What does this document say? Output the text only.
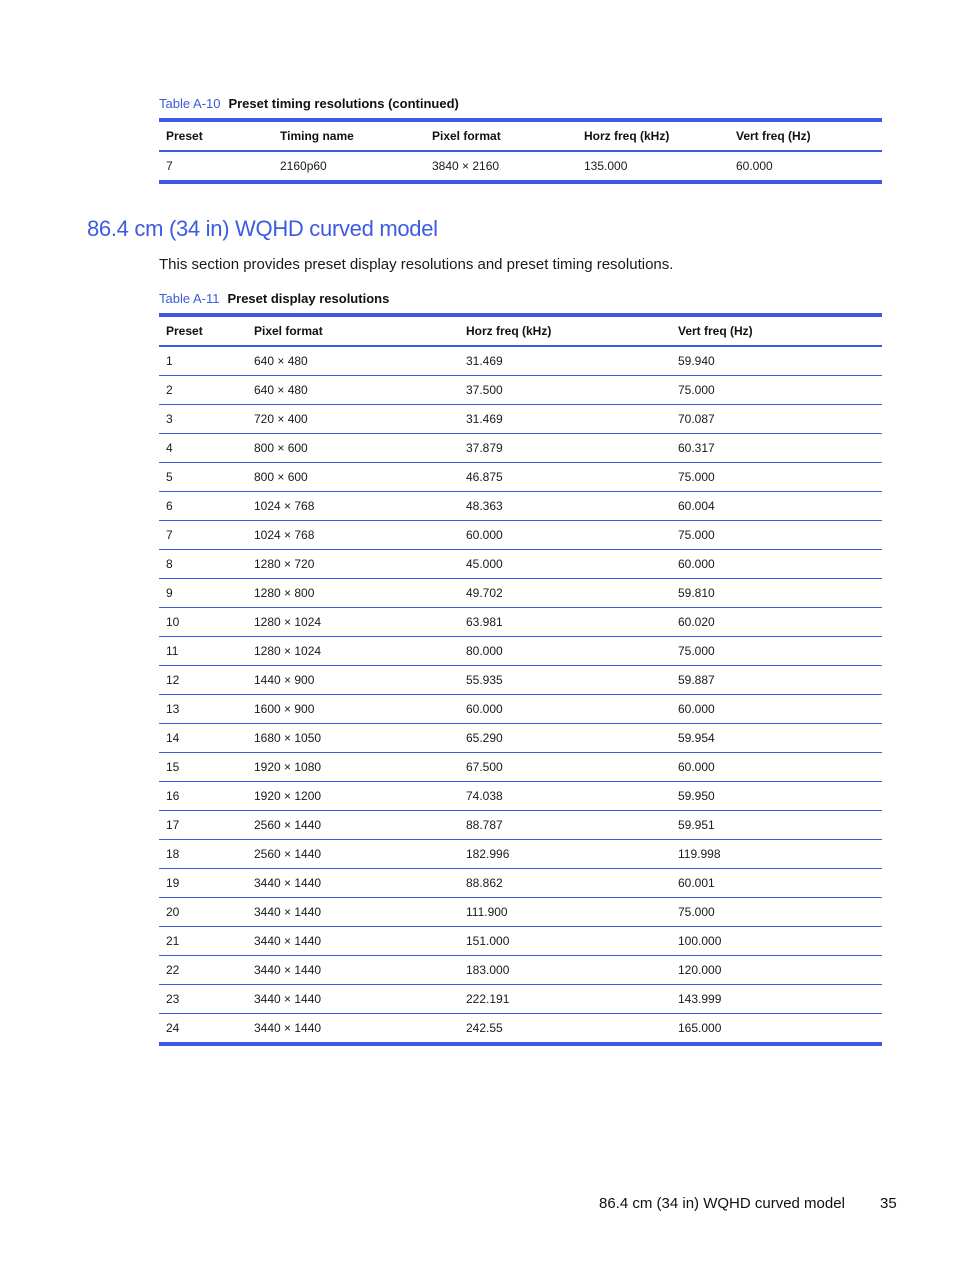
Table A-10 Preset timing resolutions (continued)
Preset	Timing name	Pixel format	Horz freq (kHz)	Vert freq (Hz)
7	2160p60	3840 × 2160	135.000	60.000
86.4 cm (34 in) WQHD curved model

This section provides preset display resolutions and preset timing resolutions.

Table A-11 Preset display resolutions
Preset	Pixel format	Horz freq (kHz)	Vert freq (Hz)
1	640 × 480	31.469	59.940
2	640 × 480	37.500	75.000
3	720 × 400	31.469	70.087
4	800 × 600	37.879	60.317
5	800 × 600	46.875	75.000
6	1024 × 768	48.363	60.004
7	1024 × 768	60.000	75.000
8	1280 × 720	45.000	60.000
9	1280 × 800	49.702	59.810
10	1280 × 1024	63.981	60.020
11	1280 × 1024	80.000	75.000
12	1440 × 900	55.935	59.887
13	1600 × 900	60.000	60.000
14	1680 × 1050	65.290	59.954
15	1920 × 1080	67.500	60.000
16	1920 × 1200	74.038	59.950
17	2560 × 1440	88.787	59.951
18	2560 × 1440	182.996	119.998
19	3440 × 1440	88.862	60.001
20	3440 × 1440	111.900	75.000
21	3440 × 1440	151.000	100.000
22	3440 × 1440	183.000	120.000
23	3440 × 1440	222.191	143.999
24	3440 × 1440	242.55	165.000
86.4 cm (34 in) WQHD curved model 35
